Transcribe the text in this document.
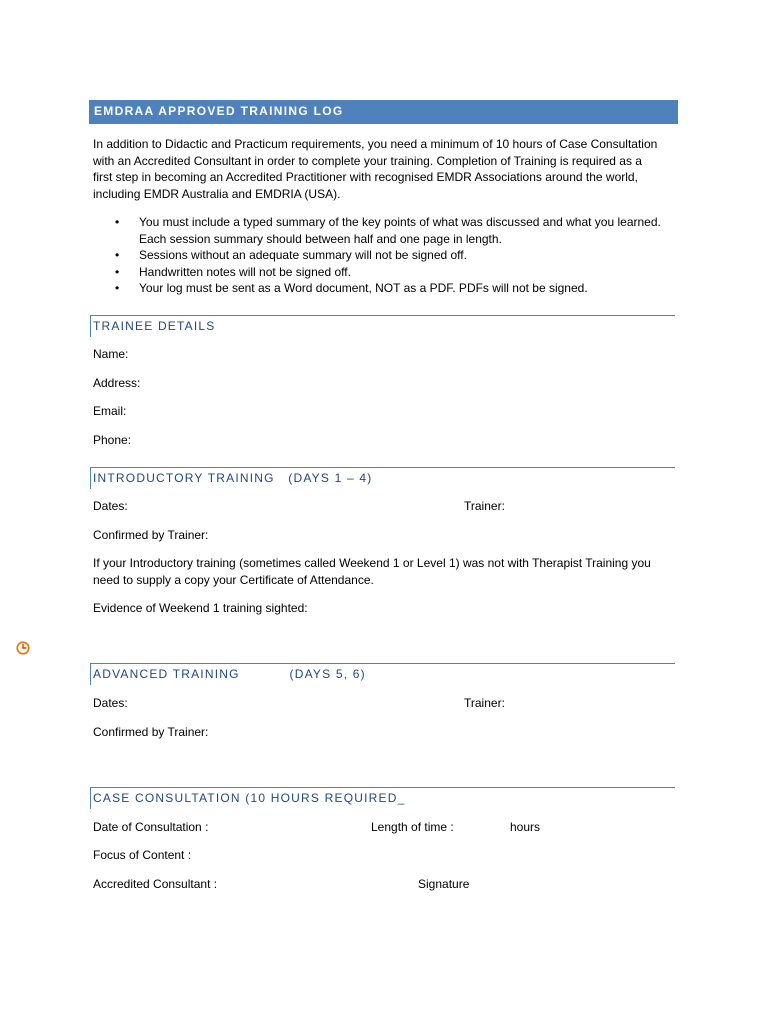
EMDRAA APPROVED TRAINING LOG
In addition to Didactic and Practicum requirements, you need a minimum of 10 hours of Case Consultation with an Accredited Consultant in order to complete your training. Completion of Training is required as a first step in becoming an Accredited Practitioner with recognised EMDR Associations around the world, including EMDR Australia and EMDRIA (USA).
• You must include a typed summary of the key points of what was discussed and what you learned. Each session summary should between half and one page in length.
• Sessions without an adequate summary will not be signed off.
• Handwritten notes will not be signed off.
• Your log must be sent as a Word document, NOT as a PDF. PDFs will not be signed.
TRAINEE DETAILS
Name:
Address:
Email:
Phone:
INTRODUCTORY TRAINING   (DAYS 1 – 4)
Dates:	Trainer:
Confirmed by Trainer:
If your Introductory training (sometimes called Weekend 1 or Level 1) was not with Therapist Training you need to supply a copy your Certificate of Attendance.
Evidence of Weekend 1 training sighted:
ADVANCED TRAINING           (DAYS 5, 6)
Dates:	Trainer:
Confirmed by Trainer:
CASE CONSULTATION (10 HOURS REQUIRED_
Date of Consultation :	Length of time :	hours
Focus of Content :
Accredited Consultant :	Signature
